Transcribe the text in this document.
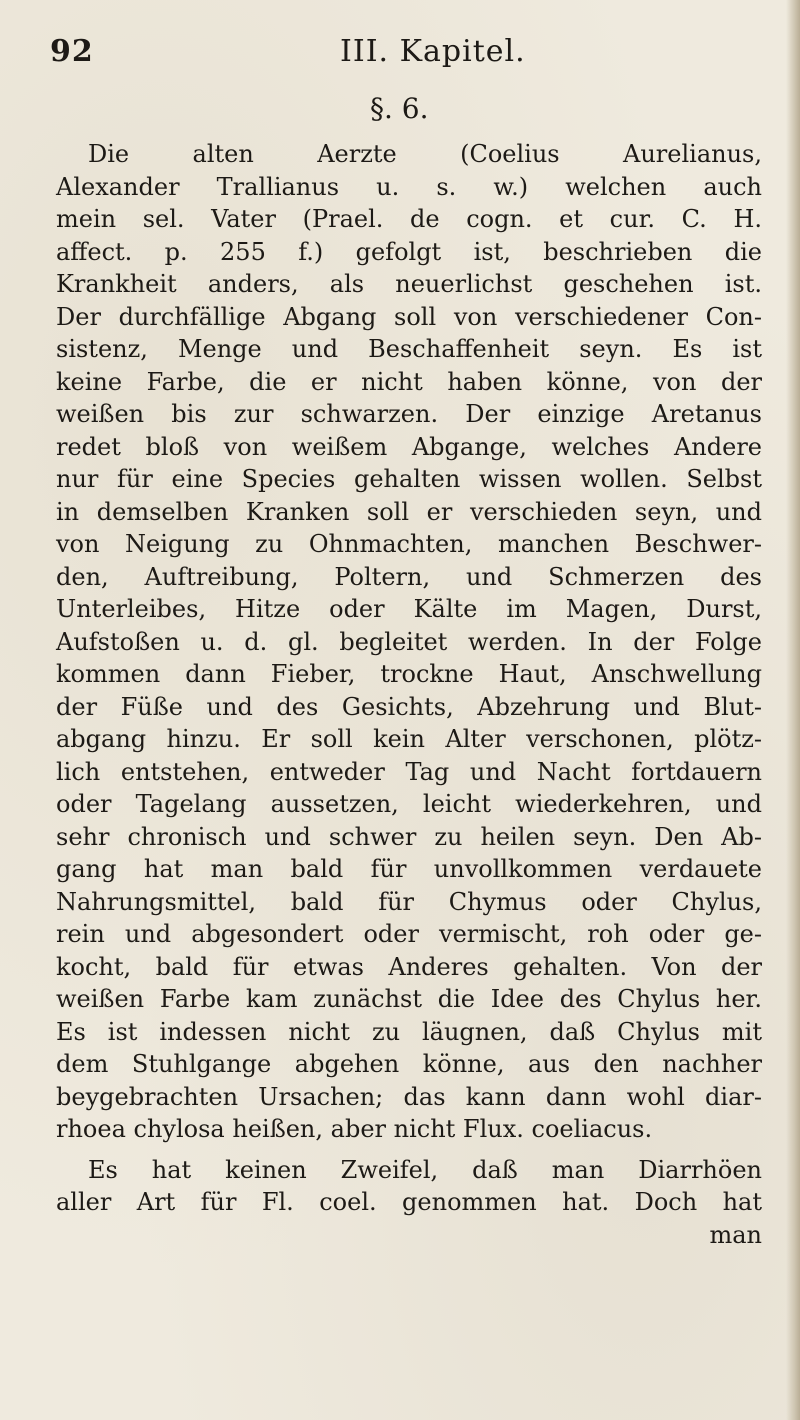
92	III. Kapitel.
§. 6.
Die alten Aerzte (Coelius Aurelianus,
Alexander Trallianus u. s. w.) welchen auch
mein sel. Vater (Prael. de cogn. et cur. C. H.
affect. p. 255 f.) gefolgt ist, beschrieben die
Krankheit anders, als neuerlichst geschehen ist.
Der durchfällige Abgang soll von verschiedener Con-
sistenz, Menge und Beschaffenheit seyn. Es ist
keine Farbe, die er nicht haben könne, von der
weißen bis zur schwarzen. Der einzige Aretanus
redet bloß von weißem Abgange, welches Andere
nur für eine Species gehalten wissen wollen. Selbst
in demselben Kranken soll er verschieden seyn, und
von Neigung zu Ohnmachten, manchen Beschwer-
den, Auftreibung, Poltern, und Schmerzen des
Unterleibes, Hitze oder Kälte im Magen, Durst,
Aufstoßen u. d. gl. begleitet werden. In der Folge
kommen dann Fieber, trockne Haut, Anschwellung
der Füße und des Gesichts, Abzehrung und Blut-
abgang hinzu. Er soll kein Alter verschonen, plötz-
lich entstehen, entweder Tag und Nacht fortdauern
oder Tagelang aussetzen, leicht wiederkehren, und
sehr chronisch und schwer zu heilen seyn. Den Ab-
gang hat man bald für unvollkommen verdauete
Nahrungsmittel, bald für Chymus oder Chylus,
rein und abgesondert oder vermischt, roh oder ge-
kocht, bald für etwas Anderes gehalten. Von der
weißen Farbe kam zunächst die Idee des Chylus her.
Es ist indessen nicht zu läugnen, daß Chylus mit
dem Stuhlgange abgehen könne, aus den nachher
beygebrachten Ursachen; das kann dann wohl diar-
rhoea chylosa heißen, aber nicht Flux. coeliacus.
Es hat keinen Zweifel, daß man Diarrhöen
aller Art für Fl. coel. genommen hat. Doch hat
man
